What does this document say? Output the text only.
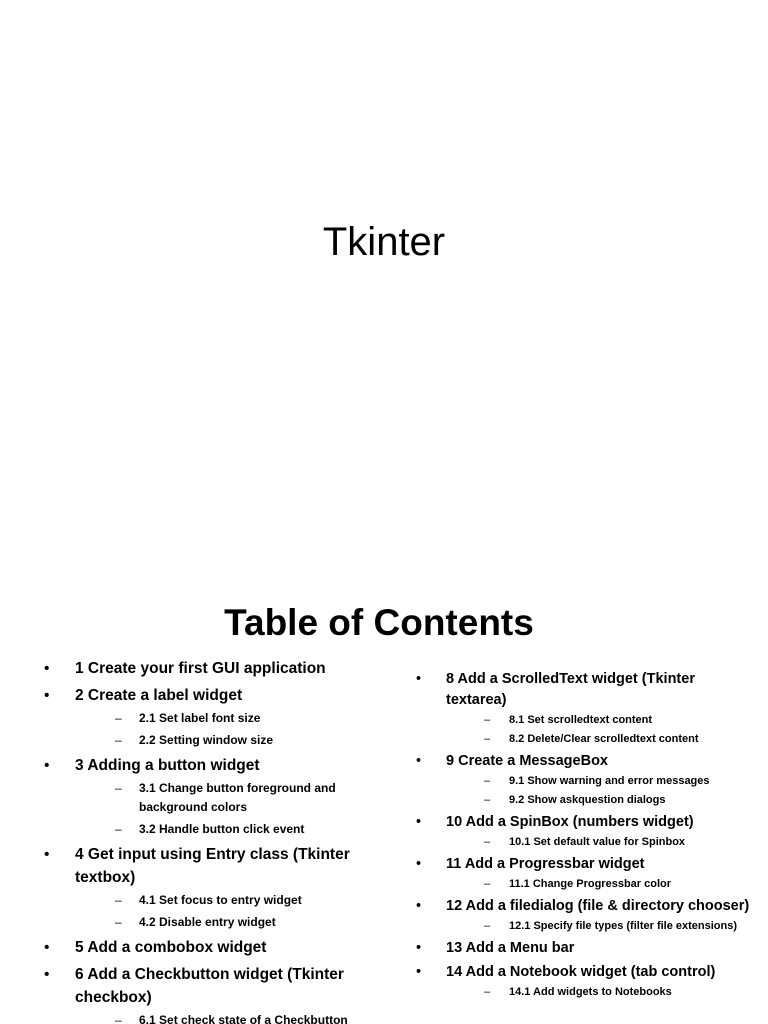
Tkinter
Table of Contents
• 1 Create your first GUI application
• 2 Create a label widget
– 2.1 Set label font size
– 2.2 Setting window size
• 3 Adding a button widget
– 3.1 Change button foreground and background colors
– 3.2 Handle button click event
• 4 Get input using Entry class (Tkinter textbox)
– 4.1 Set focus to entry widget
– 4.2 Disable entry widget
• 5 Add a combobox widget
• 6 Add a Checkbutton widget (Tkinter checkbox)
– 6.1 Set check state of a Checkbutton
• 8 Add a ScrolledText widget (Tkinter textarea)
– 8.1 Set scrolledtext content
– 8.2 Delete/Clear scrolledtext content
• 9 Create a MessageBox
– 9.1 Show warning and error messages
– 9.2 Show askquestion dialogs
• 10 Add a SpinBox (numbers widget)
– 10.1 Set default value for Spinbox
• 11 Add a Progressbar widget
– 11.1 Change Progressbar color
• 12 Add a filedialog (file & directory chooser)
– 12.1 Specify file types (filter file extensions)
• 13 Add a Menu bar
• 14 Add a Notebook widget (tab control)
– 14.1 Add widgets to Notebooks
